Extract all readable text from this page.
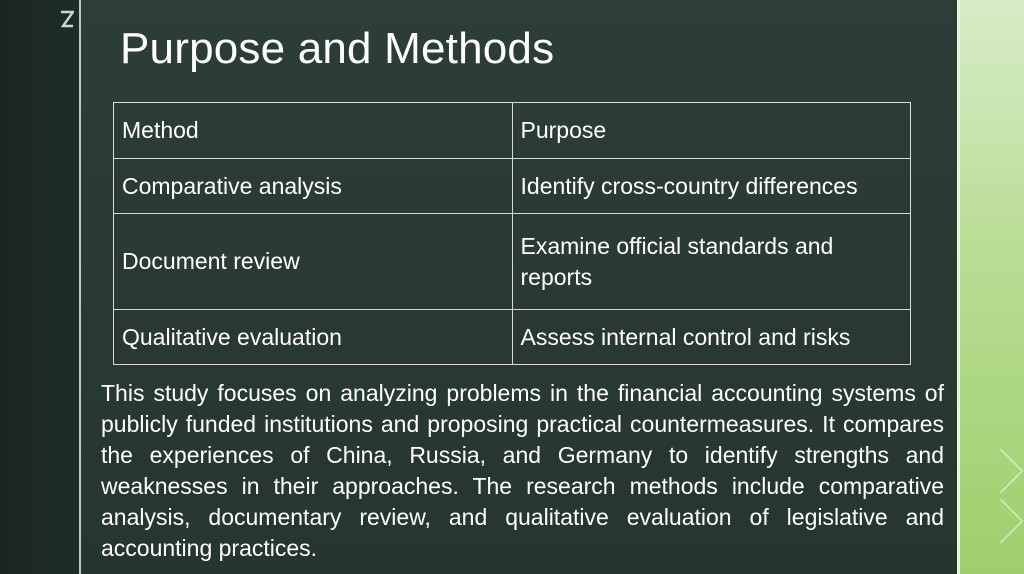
Purpose and Methods
Method	Purpose
Comparative analysis	Identify cross-country differences
Document review	Examine official standards and reports
Qualitative evaluation	Assess internal control and risks
This study focuses on analyzing problems in the financial accounting systems of publicly funded institutions and proposing practical countermeasures. It compares the experiences of China, Russia, and Germany to identify strengths and weaknesses in their approaches. The research methods include comparative analysis, documentary review, and qualitative evaluation of legislative and accounting practices.
